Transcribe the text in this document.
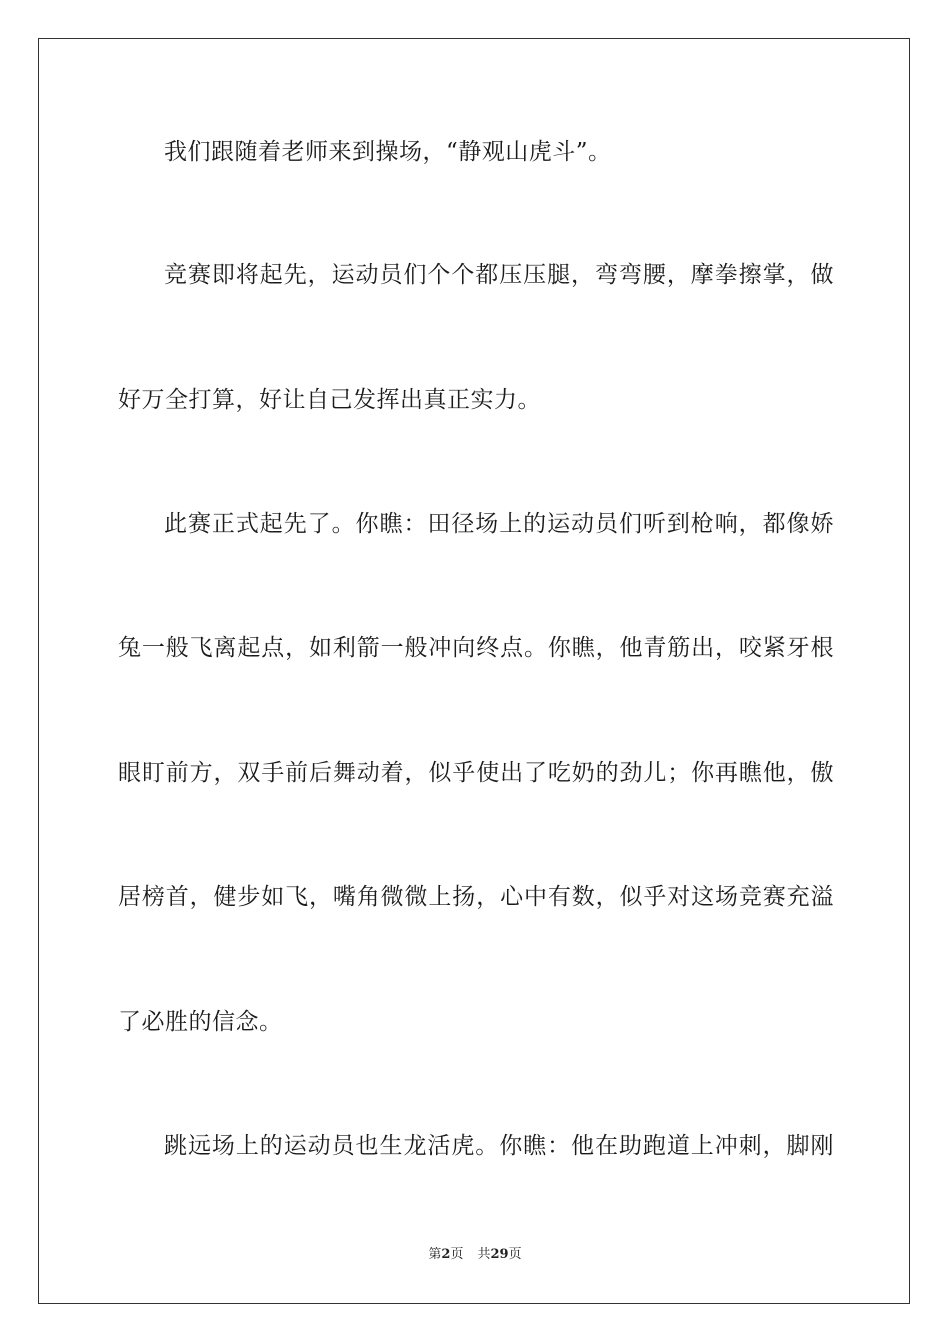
我们跟随着老师来到操场，“静观山虎斗”。
竞赛即将起先，运动员们个个都压压腿，弯弯腰，摩拳擦掌，做
好万全打算，好让自己发挥出真正实力。
此赛正式起先了。你瞧：田径场上的运动员们听到枪响，都像娇
兔一般飞离起点，如利箭一般冲向终点。你瞧，他青筋出，咬紧牙根
眼盯前方，双手前后舞动着，似乎使出了吃奶的劲儿；你再瞧他，傲
居榜首，健步如飞，嘴角微微上扬，心中有数，似乎对这场竞赛充溢
了必胜的信念。
跳远场上的运动员也生龙活虎。你瞧：他在助跑道上冲刺，脚刚
第2页 共29页
